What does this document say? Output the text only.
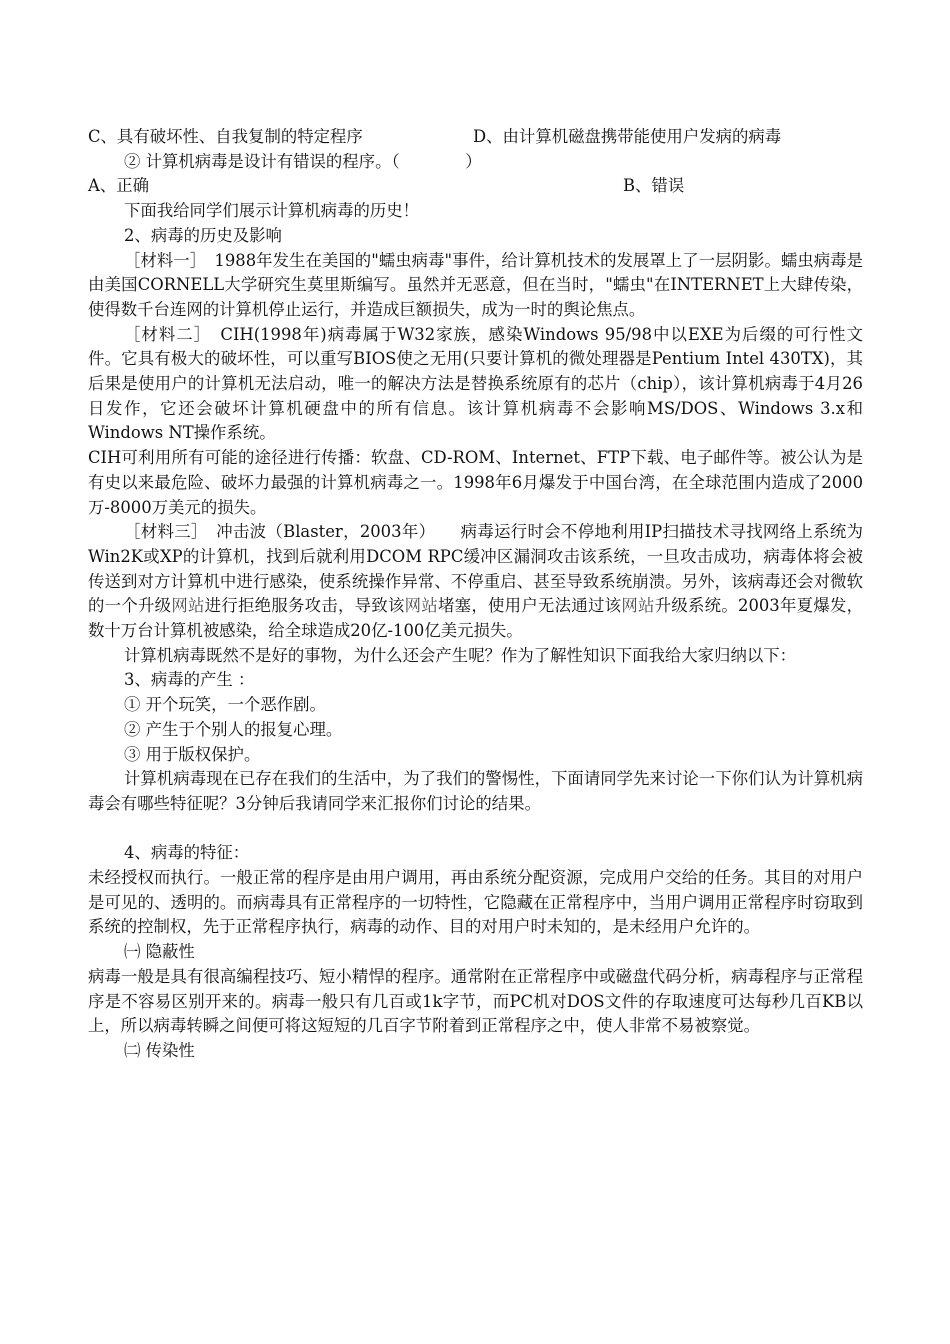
C、具有破坏性、自我复制的特定程序	D、由计算机磁盘携带能使用户发病的病毒

② 计算机病毒是设计有错误的程序。（　　　　）

A、正确	B、错误

下面我给同学们展示计算机病毒的历史！

2、病毒的历史及影响

［材料一］　1988年发生在美国的"蠕虫病毒"事件，给计算机技术的发展罩上了一层阴影。蠕虫病毒是由美国CORNELL大学研究生莫里斯编写。虽然并无恶意，但在当时，"蠕虫"在INTERNET上大肆传染，使得数千台连网的计算机停止运行，并造成巨额损失，成为一时的舆论焦点。

［材料二］　CIH(1998年)病毒属于W32家族，感染Windows 95/98中以EXE为后缀的可行性文件。它具有极大的破坏性，可以重写BIOS使之无用(只要计算机的微处理器是Pentium Intel 430TX)，其后果是使用户的计算机无法启动，唯一的解决方法是替换系统原有的芯片（chip），该计算机病毒于4月26日发作，它还会破坏计算机硬盘中的所有信息。该计算机病毒不会影响MS/DOS、Windows 3.x和Windows NT操作系统。

CIH可利用所有可能的途径进行传播：软盘、CD-ROM、Internet、FTP下载、电子邮件等。被公认为是有史以来最危险、破坏力最强的计算机病毒之一。1998年6月爆发于中国台湾，在全球范围内造成了2000万-8000万美元的损失。

［材料三］　冲击波（Blaster，2003年）　　病毒运行时会不停地利用IP扫描技术寻找网络上系统为Win2K或XP的计算机，找到后就利用DCOM RPC缓冲区漏洞攻击该系统，一旦攻击成功，病毒体将会被传送到对方计算机中进行感染，使系统操作异常、不停重启、甚至导致系统崩溃。另外，该病毒还会对微软的一个升级网站进行拒绝服务攻击，导致该网站堵塞，使用户无法通过该网站升级系统。2003年夏爆发，数十万台计算机被感染，给全球造成20亿-100亿美元损失。

计算机病毒既然不是好的事物，为什么还会产生呢？作为了解性知识下面我给大家归纳以下：

3、病毒的产生 ：

① 开个玩笑，一个恶作剧。

② 产生于个别人的报复心理。

③ 用于版权保护。

计算机病毒现在已存在我们的生活中，为了我们的警惕性，下面请同学先来讨论一下你们认为计算机病毒会有哪些特征呢？3分钟后我请同学来汇报你们讨论的结果。

4、病毒的特征：

未经授权而执行。一般正常的程序是由用户调用，再由系统分配资源，完成用户交给的任务。其目的对用户是可见的、透明的。而病毒具有正常程序的一切特性，它隐藏在正常程序中，当用户调用正常程序时窃取到系统的控制权，先于正常程序执行，病毒的动作、目的对用户时未知的，是未经用户允许的。

㈠ 隐蔽性

病毒一般是具有很高编程技巧、短小精悍的程序。通常附在正常程序中或磁盘代码分析，病毒程序与正常程序是不容易区别开来的。病毒一般只有几百或1k字节，而PC机对DOS文件的存取速度可达每秒几百KB以上，所以病毒转瞬之间便可将这短短的几百字节附着到正常程序之中，使人非常不易被察觉。

㈡ 传染性
